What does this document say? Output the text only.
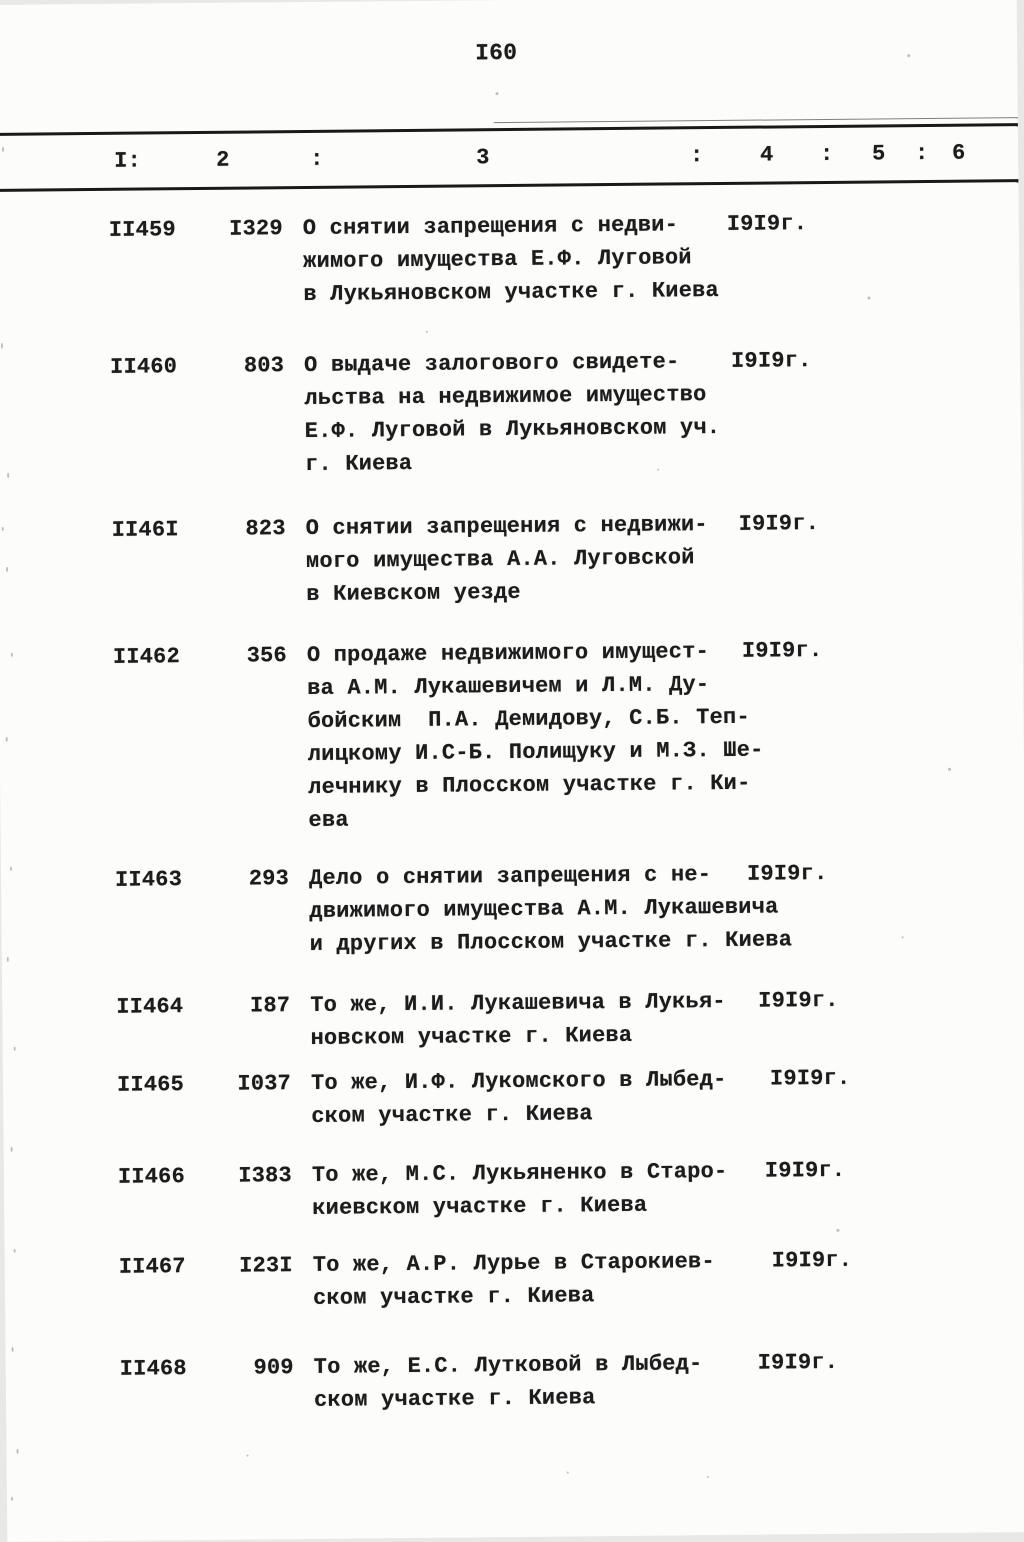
I60
I:	2	:	3	:	4 : 5 : 6
II459	I329 О снятии запрещения с недви-
жимого имущества Е.Ф. Луговой
в Лукьяновском участке г. Киева
I9I9г.
II460	803 О выдаче залогового свидете-
льства на недвижимое имущество
Е.Ф. Луговой в Лукьяновском уч.
г. Киева
I9I9г.
II46I	823 О снятии запрещения с недвижи-
мого имущества А.А. Луговской
в Киевском уезде
I9I9г.
II462	356 О продаже недвижимого имущест-
ва А.М. Лукашевичем и Л.М. Ду-
бойским  П.А. Демидову, С.Б. Теп-
лицкому И.С-Б. Полищуку и М.З. Ше-
лечнику в Плосском участке г. Ки-
ева
I9I9г.
II463	293 Дело о снятии запрещения с не-
движимого имущества А.М. Лукашевича
и других в Плосском участке г. Киева
I9I9г.
II464	I87 То же, И.И. Лукашевича в Лукья-
новском участке г. Киева
I9I9г.
II465	I037 То же, И.Ф. Лукомского в Лыбед-
ском участке г. Киева
I9I9г.
II466	I383 То же, М.С. Лукьяненко в Старо-
киевском участке г. Киева
I9I9г.
II467	I23I То же, А.Р. Лурье в Старокиев-
ском участке г. Киева
I9I9г.
II468	909 То же, Е.С. Лутковой в Лыбед-
ском участке г. Киева
I9I9г.
